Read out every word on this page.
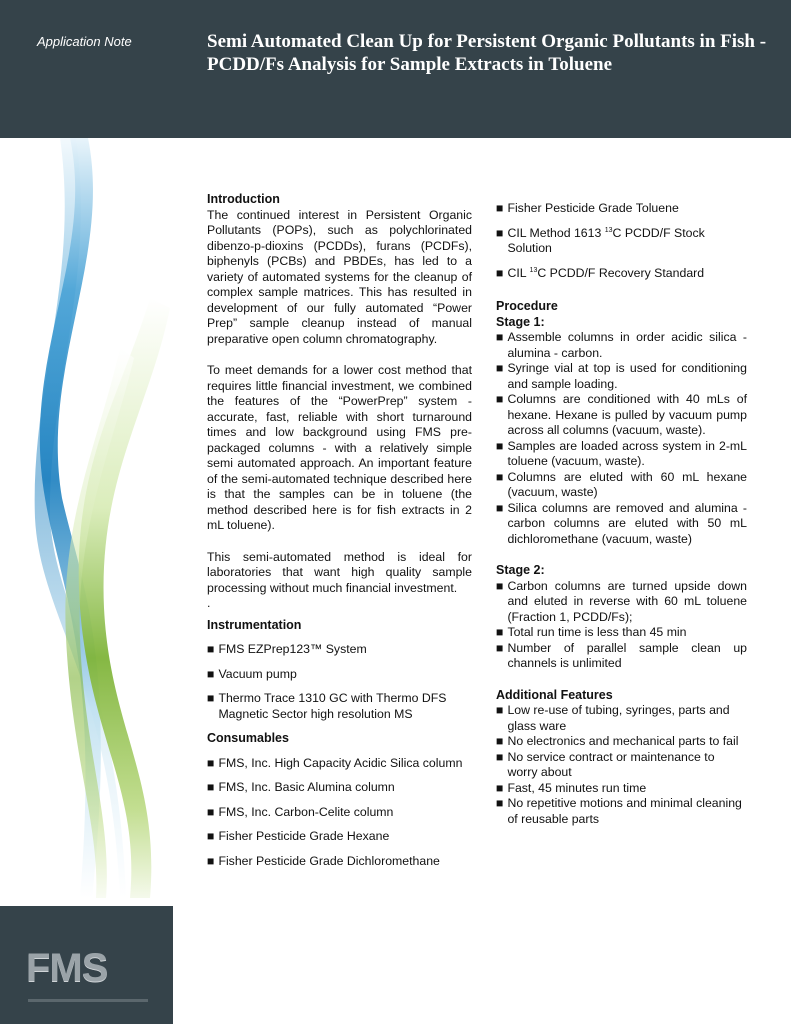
Application Note	Semi Automated Clean Up for Persistent Organic Pollutants in Fish - PCDD/Fs Analysis for Sample Extracts in Toluene
FMS

Introduction

The continued interest in Persistent Organic Pollutants (POPs), such as polychlorinated dibenzo-p-dioxins (PCDDs), furans (PCDFs), biphenyls (PCBs) and PBDEs, has led to a variety of automated systems for the cleanup of complex sample matrices. This has resulted in development of our fully automated “Power Prep” sample cleanup instead of manual preparative open column chromatography.

To meet demands for a lower cost method that requires little financial investment, we combined the features of the “PowerPrep” system - accurate, fast, reliable with short turnaround times and low background using FMS pre-packaged columns - with a relatively simple semi automated approach. An important feature of the semi-automated technique described here is that the samples can be in toluene (the method described here is for fish extracts in 2 mL toluene).

This semi-automated method is ideal for laboratories that want high quality sample processing without much financial investment.

.

Instrumentation

■ FMS EZPrep123™ System
■ Vacuum pump
■ Thermo Trace 1310 GC with Thermo DFS Magnetic Sector high resolution MS

Consumables

■ FMS, Inc. High Capacity Acidic Silica column
■ FMS, Inc. Basic Alumina column
■ FMS, Inc. Carbon-Celite column
■ Fisher Pesticide Grade Hexane
■ Fisher Pesticide Grade Dichloromethane
■ Fisher Pesticide Grade Toluene
■ CIL Method 1613 $^{13}$C PCDD/F Stock Solution
■ CIL $^{13}$C PCDD/F Recovery Standard

Procedure

Stage 1:

■ Assemble columns in order acidic silica - alumina - carbon.
■ Syringe vial at top is used for conditioning and sample loading.
■ Columns are conditioned with 40 mLs of hexane. Hexane is pulled by vacuum pump across all columns (vacuum, waste).
■ Samples are loaded across system in 2-mL toluene (vacuum, waste).
■ Columns are eluted with 60 mL hexane (vacuum, waste)
■ Silica columns are removed and alumina - carbon columns are eluted with 50 mL dichloromethane (vacuum, waste)

Stage 2:

■ Carbon columns are turned upside down and eluted in reverse with 60 mL toluene (Fraction 1, PCDD/Fs);
■ Total run time is less than 45 min
■ Number of parallel sample clean up channels is unlimited

Additional Features

■ Low re-use of tubing, syringes, parts and glass ware
■ No electronics and mechanical parts to fail
■ No service contract or maintenance to worry about
■ Fast, 45 minutes run time
■ No repetitive motions and minimal cleaning of reusable parts
